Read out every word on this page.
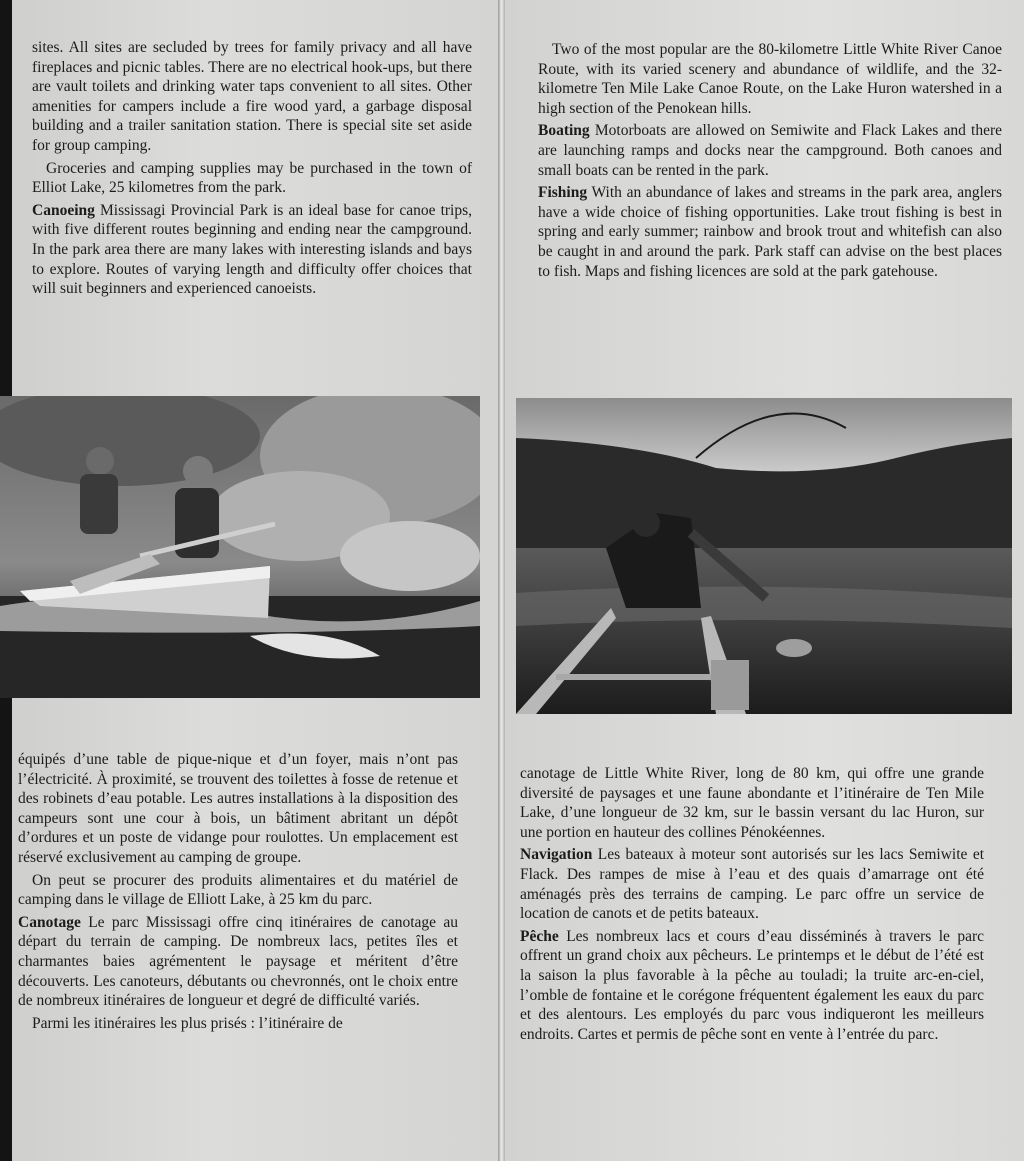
sites. All sites are secluded by trees for family privacy and all have fireplaces and picnic tables. There are no electrical hook-ups, but there are vault toilets and drinking water taps convenient to all sites. Other amenities for campers include a fire wood yard, a garbage disposal building and a trailer sanitation station. There is special site set aside for group camping.

Groceries and camping supplies may be purchased in the town of Elliot Lake, 25 kilometres from the park.

Canoeing Mississagi Provincial Park is an ideal base for canoe trips, with five different routes beginning and ending near the campground. In the park area there are many lakes with interesting islands and bays to explore. Routes of varying length and difficulty offer choices that will suit beginners and experienced canoeists.

Two of the most popular are the 80-kilometre Little White River Canoe Route, with its varied scenery and abundance of wildlife, and the 32-kilometre Ten Mile Lake Canoe Route, on the Lake Huron watershed in a high section of the Penokean hills.

Boating Motorboats are allowed on Semiwite and Flack Lakes and there are launching ramps and docks near the campground. Both canoes and small boats can be rented in the park.

Fishing With an abundance of lakes and streams in the park area, anglers have a wide choice of fishing opportunities. Lake trout fishing is best in spring and early summer; rainbow and brook trout and whitefish can also be caught in and around the park. Park staff can advise on the best places to fish. Maps and fishing licences are sold at the park gatehouse.

équipés d’une table de pique-nique et d’un foyer, mais n’ont pas l’électricité. À proximité, se trouvent des toilettes à fosse de retenue et des robinets d’eau potable. Les autres installations à la disposition des campeurs sont une cour à bois, un bâtiment abritant un dépôt d’ordures et un poste de vidange pour roulottes. Un emplacement est réservé exclusivement au camping de groupe.

On peut se procurer des produits alimentaires et du matériel de camping dans le village de Elliott Lake, à 25 km du parc.

Canotage Le parc Mississagi offre cinq itinéraires de canotage au départ du terrain de camping. De nombreux lacs, petites îles et charmantes baies agrémentent le paysage et méritent d’être découverts. Les canoteurs, débutants ou chevronnés, ont le choix entre de nombreux itinéraires de longueur et degré de difficulté variés.

Parmi les itinéraires les plus prisés : l’itinéraire de

canotage de Little White River, long de 80 km, qui offre une grande diversité de paysages et une faune abondante et l’itinéraire de Ten Mile Lake, d’une longueur de 32 km, sur le bassin versant du lac Huron, sur une portion en hauteur des collines Pénokéennes.

Navigation Les bateaux à moteur sont autorisés sur les lacs Semiwite et Flack. Des rampes de mise à l’eau et des quais d’amarrage ont été aménagés près des terrains de camping. Le parc offre un service de location de canots et de petits bateaux.

Pêche Les nombreux lacs et cours d’eau disséminés à travers le parc offrent un grand choix aux pêcheurs. Le printemps et le début de l’été est la saison la plus favorable à la pêche au touladi; la truite arc-en-ciel, l’omble de fontaine et le corégone fréquentent également les eaux du parc et des alentours. Les employés du parc vous indiqueront les meilleurs endroits. Cartes et permis de pêche sont en vente à l’entrée du parc.
